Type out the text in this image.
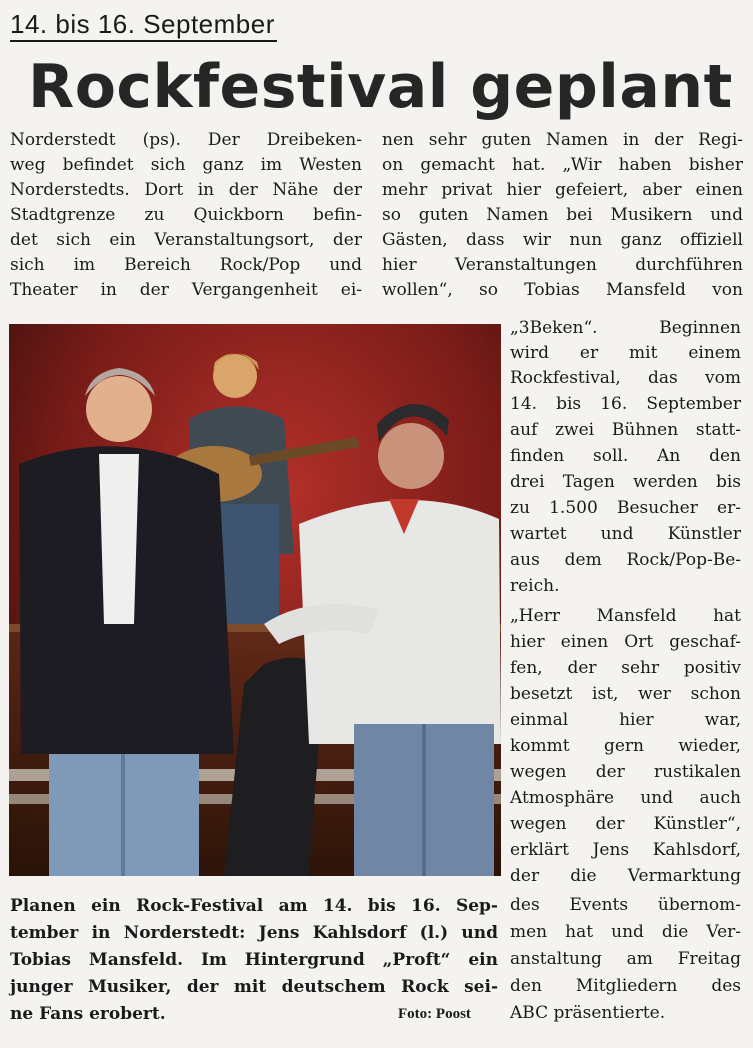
14. bis 16. September
Rockfestival geplant
Norderstedt (ps). Der Dreibeken-
weg befindet sich ganz im Westen
Norderstedts. Dort in der Nähe der
Stadtgrenze zu Quickborn befin-
det sich ein Veranstaltungsort, der
sich im Bereich Rock/Pop und
Theater in der Vergangenheit ei-
nen sehr guten Namen in der Regi-
on gemacht hat. „Wir haben bisher
mehr privat hier gefeiert, aber einen
so guten Namen bei Musikern und
Gästen, dass wir nun ganz offiziell
hier Veranstaltungen durchführen
wollen“, so Tobias Mansfeld von
„3Beken“. Beginnen
wird er mit einem
Rockfestival, das vom
14. bis 16. September
auf zwei Bühnen statt-
finden soll. An den
drei Tagen werden bis
zu 1.500 Besucher er-
wartet und Künstler
aus dem Rock/Pop-Be-
reich.
„Herr Mansfeld hat
hier einen Ort geschaf-
fen, der sehr positiv
besetzt ist, wer schon
einmal hier war,
kommt gern wieder,
wegen der rustikalen
Atmosphäre und auch
wegen der Künstler“,
erklärt Jens Kahlsdorf,
der die Vermarktung
des Events übernom-
men hat und die Ver-
anstaltung am Freitag
den Mitgliedern des
ABC präsentierte.
Planen ein Rock-Festival am 14. bis 16. Sep-
tember in Norderstedt: Jens Kahlsdorf (l.) und
Tobias Mansfeld. Im Hintergrund „Proft“ ein
junger Musiker, der mit deutschem Rock sei-
ne Fans erobert.	Foto: Poost
